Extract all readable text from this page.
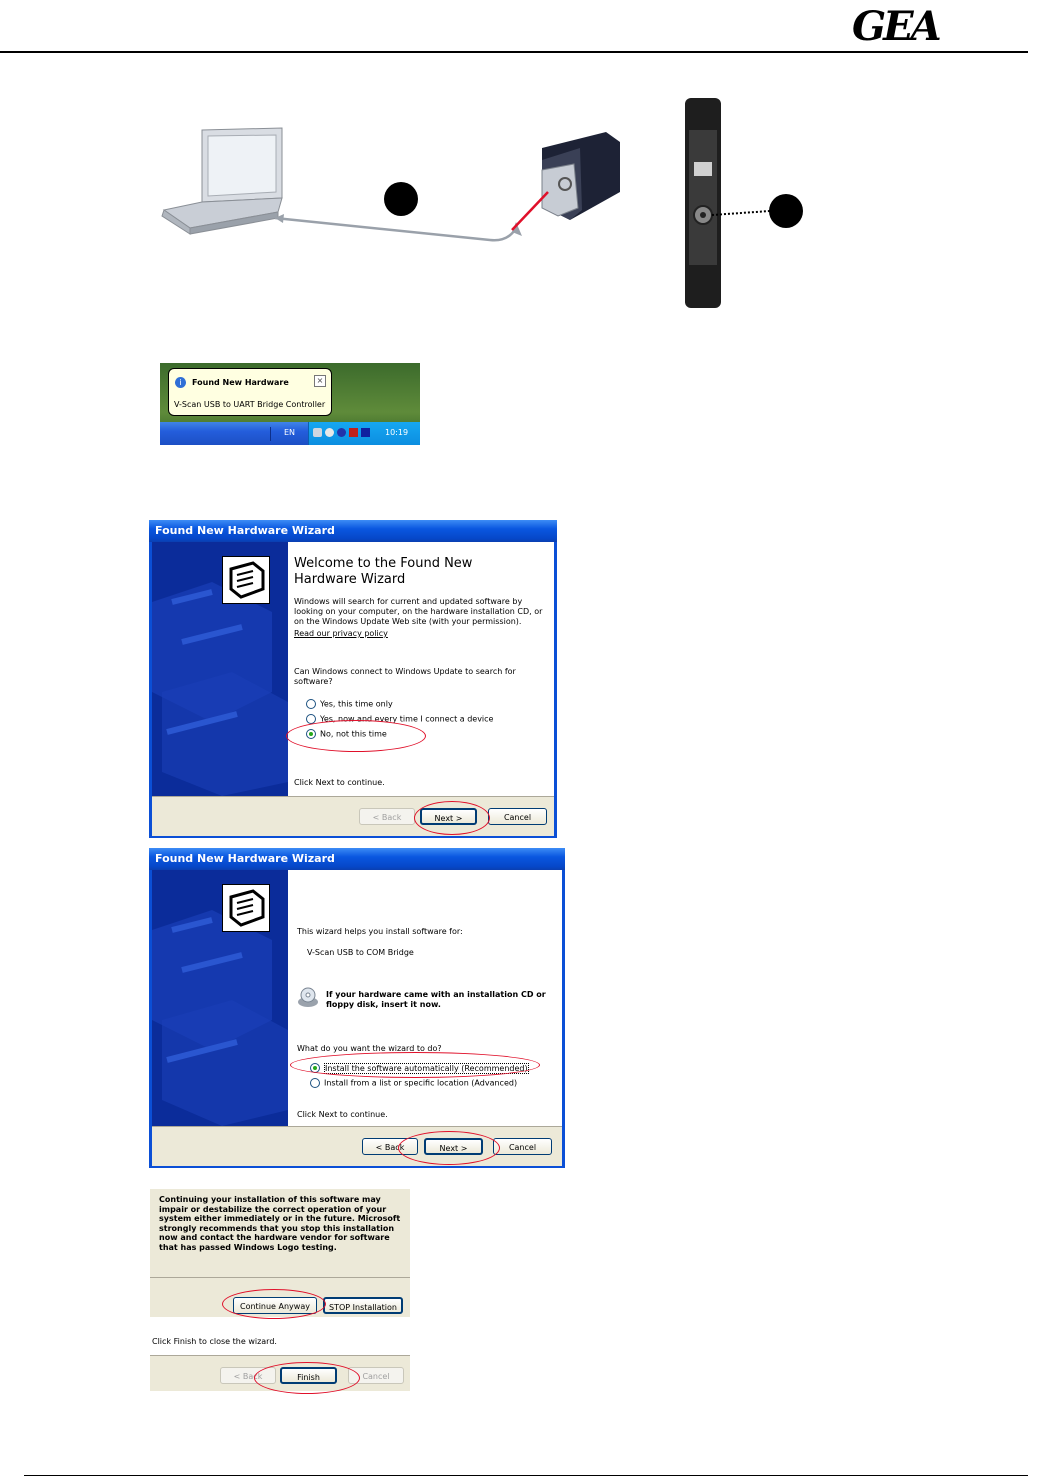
GEA
i	Found New Hardware	×
V-Scan USB to UART Bridge Controller
EN	10:19
Found New Hardware Wizard
Welcome to the Found New Hardware Wizard
Windows will search for current and updated software by looking on your computer, on the hardware installation CD, or on the Windows Update Web site (with your permission).
Read our privacy policy
Can Windows connect to Windows Update to search for software?
Yes, this time only
Yes, now and every time I connect a device
No, not this time
Click Next to continue.
< Back	Next >	Cancel
Found New Hardware Wizard
This wizard helps you install software for:
V-Scan USB to COM Bridge
If your hardware came with an installation CD or floppy disk, insert it now.
What do you want the wizard to do?
Install the software automatically (Recommended)
Install from a list or specific location (Advanced)
Click Next to continue.
< Back	Next >	Cancel
Continuing your installation of this software may impair or destabilize the correct operation of your system either immediately or in the future. Microsoft strongly recommends that you stop this installation now and contact the hardware vendor for software that has passed Windows Logo testing.
Continue Anyway	STOP Installation
Click Finish to close the wizard.
< Back	Finish	Cancel
